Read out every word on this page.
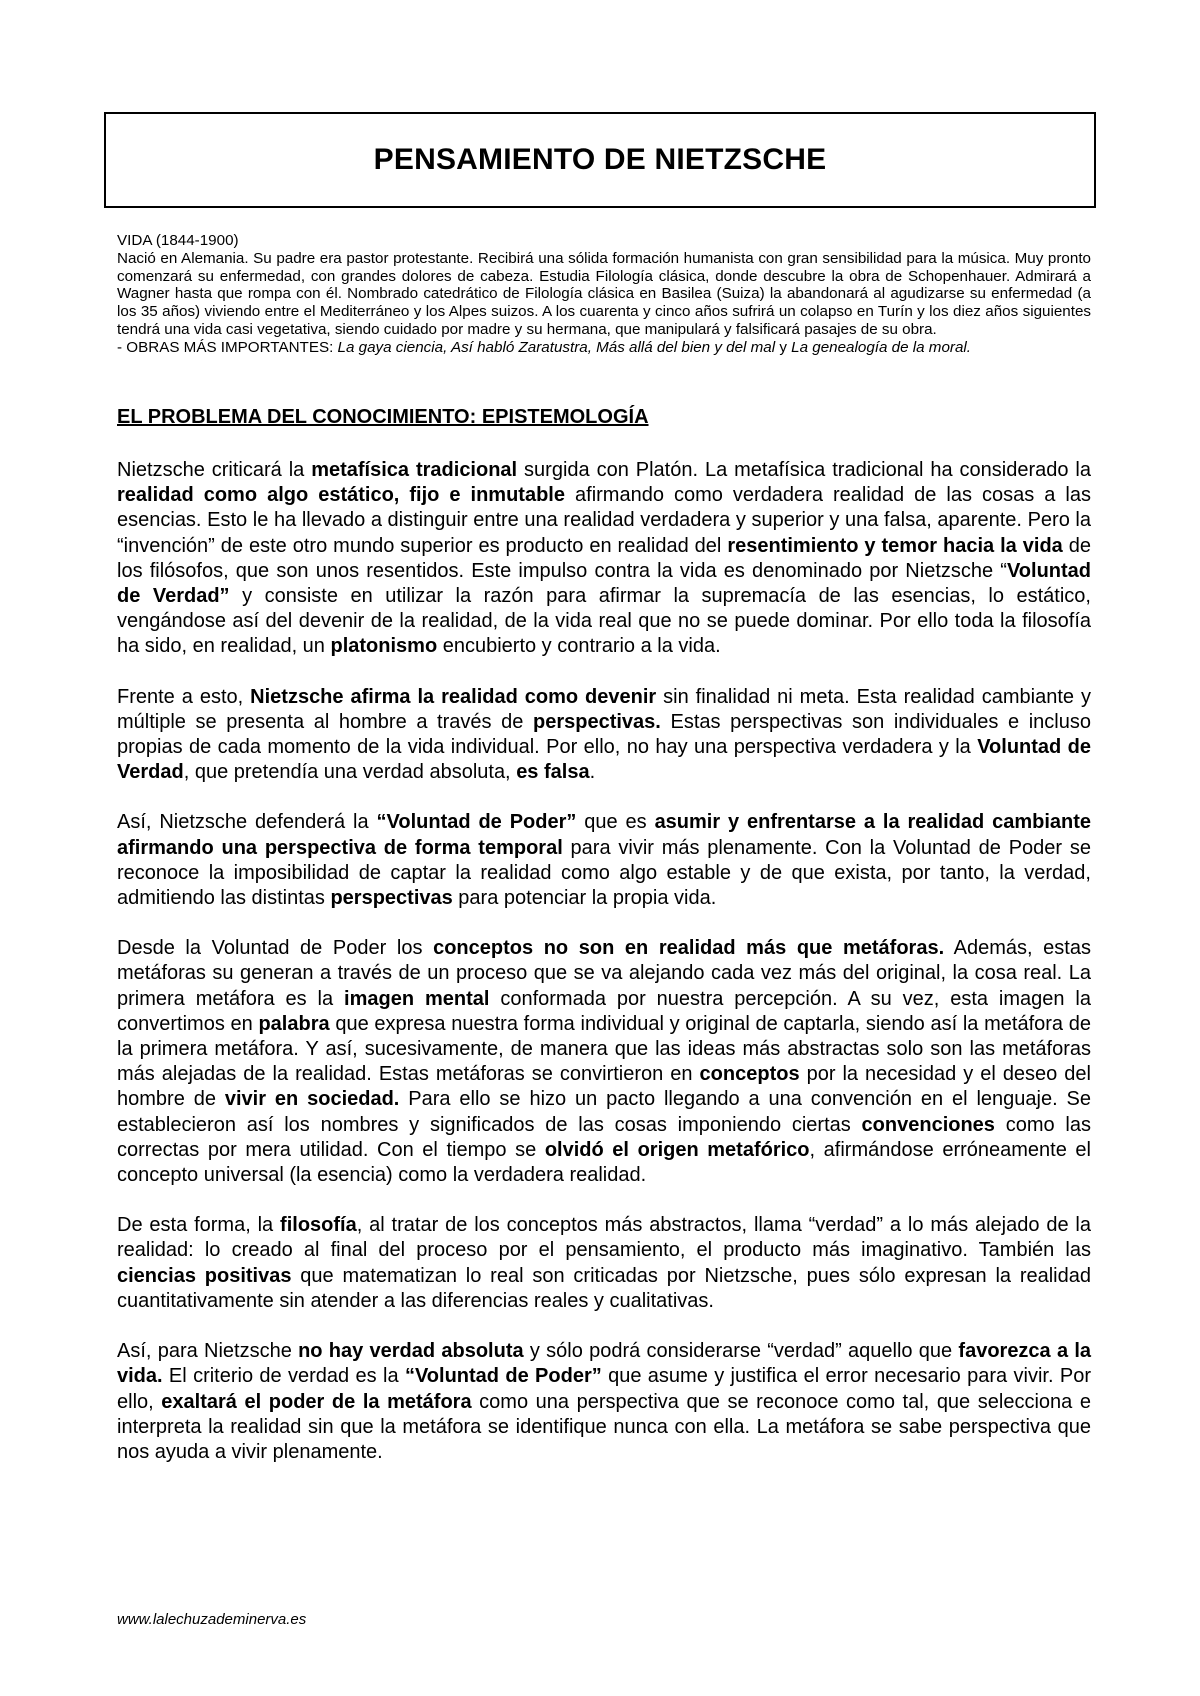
PENSAMIENTO DE NIETZSCHE

VIDA (1844-1900)

Nació en Alemania. Su padre era pastor protestante. Recibirá una sólida formación humanista con gran sensibilidad para la música. Muy pronto comenzará su enfermedad, con grandes dolores de cabeza. Estudia Filología clásica, donde descubre la obra de Schopenhauer. Admirará a Wagner hasta que rompa con él. Nombrado catedrático de Filología clásica en Basilea (Suiza) la abandonará al agudizarse su enfermedad (a los 35 años) viviendo entre el Mediterráneo y los Alpes suizos. A los cuarenta y cinco años sufrirá un colapso en Turín y los diez años siguientes tendrá una vida casi vegetativa, siendo cuidado por madre y su hermana, que manipulará y falsificará pasajes de su obra.

- OBRAS MÁS IMPORTANTES: La gaya ciencia, Así habló Zaratustra, Más allá del bien y del mal y La genealogía de la moral.

EL PROBLEMA DEL CONOCIMIENTO: EPISTEMOLOGÍA

Nietzsche criticará la metafísica tradicional surgida con Platón. La metafísica tradicional ha considerado la realidad como algo estático, fijo e inmutable afirmando como verdadera realidad de las cosas a las esencias. Esto le ha llevado a distinguir entre una realidad verdadera y superior y una falsa, aparente. Pero la “invención” de este otro mundo superior es producto en realidad del resentimiento y temor hacia la vida de los filósofos, que son unos resentidos. Este impulso contra la vida es denominado por Nietzsche “Voluntad de Verdad” y consiste en utilizar la razón para afirmar la supremacía de las esencias, lo estático, vengándose así del devenir de la realidad, de la vida real que no se puede dominar. Por ello toda la filosofía ha sido, en realidad, un platonismo encubierto y contrario a la vida.

Frente a esto, Nietzsche afirma la realidad como devenir sin finalidad ni meta. Esta realidad cambiante y múltiple se presenta al hombre a través de perspectivas. Estas perspectivas son individuales e incluso propias de cada momento de la vida individual. Por ello, no hay una perspectiva verdadera y la Voluntad de Verdad, que pretendía una verdad absoluta, es falsa.

Así, Nietzsche defenderá la “Voluntad de Poder” que es asumir y enfrentarse a la realidad cambiante afirmando una perspectiva de forma temporal para vivir más plenamente. Con la Voluntad de Poder se reconoce la imposibilidad de captar la realidad como algo estable y de que exista, por tanto, la verdad, admitiendo las distintas perspectivas para potenciar la propia vida.

Desde la Voluntad de Poder los conceptos no son en realidad más que metáforas. Además, estas metáforas su generan a través de un proceso que se va alejando cada vez más del original, la cosa real. La primera metáfora es la imagen mental conformada por nuestra percepción. A su vez, esta imagen la convertimos en palabra que expresa nuestra forma individual y original de captarla, siendo así la metáfora de la primera metáfora. Y así, sucesivamente, de manera que las ideas más abstractas solo son las metáforas más alejadas de la realidad. Estas metáforas se convirtieron en conceptos por la necesidad y el deseo del hombre de vivir en sociedad. Para ello se hizo un pacto llegando a una convención en el lenguaje. Se establecieron así los nombres y significados de las cosas imponiendo ciertas convenciones como las correctas por mera utilidad. Con el tiempo se olvidó el origen metafórico, afirmándose erróneamente el concepto universal (la esencia) como la verdadera realidad.

De esta forma, la filosofía, al tratar de los conceptos más abstractos, llama “verdad” a lo más alejado de la realidad: lo creado al final del proceso por el pensamiento, el producto más imaginativo. También las ciencias positivas que matematizan lo real son criticadas por Nietzsche, pues sólo expresan la realidad cuantitativamente sin atender a las diferencias reales y cualitativas.

Así, para Nietzsche no hay verdad absoluta y sólo podrá considerarse “verdad” aquello que favorezca a la vida. El criterio de verdad es la “Voluntad de Poder” que asume y justifica el error necesario para vivir. Por ello, exaltará el poder de la metáfora como una perspectiva que se reconoce como tal, que selecciona e interpreta la realidad sin que la metáfora se identifique nunca con ella. La metáfora se sabe perspectiva que nos ayuda a vivir plenamente.

www.lalechuzademinerva.es
